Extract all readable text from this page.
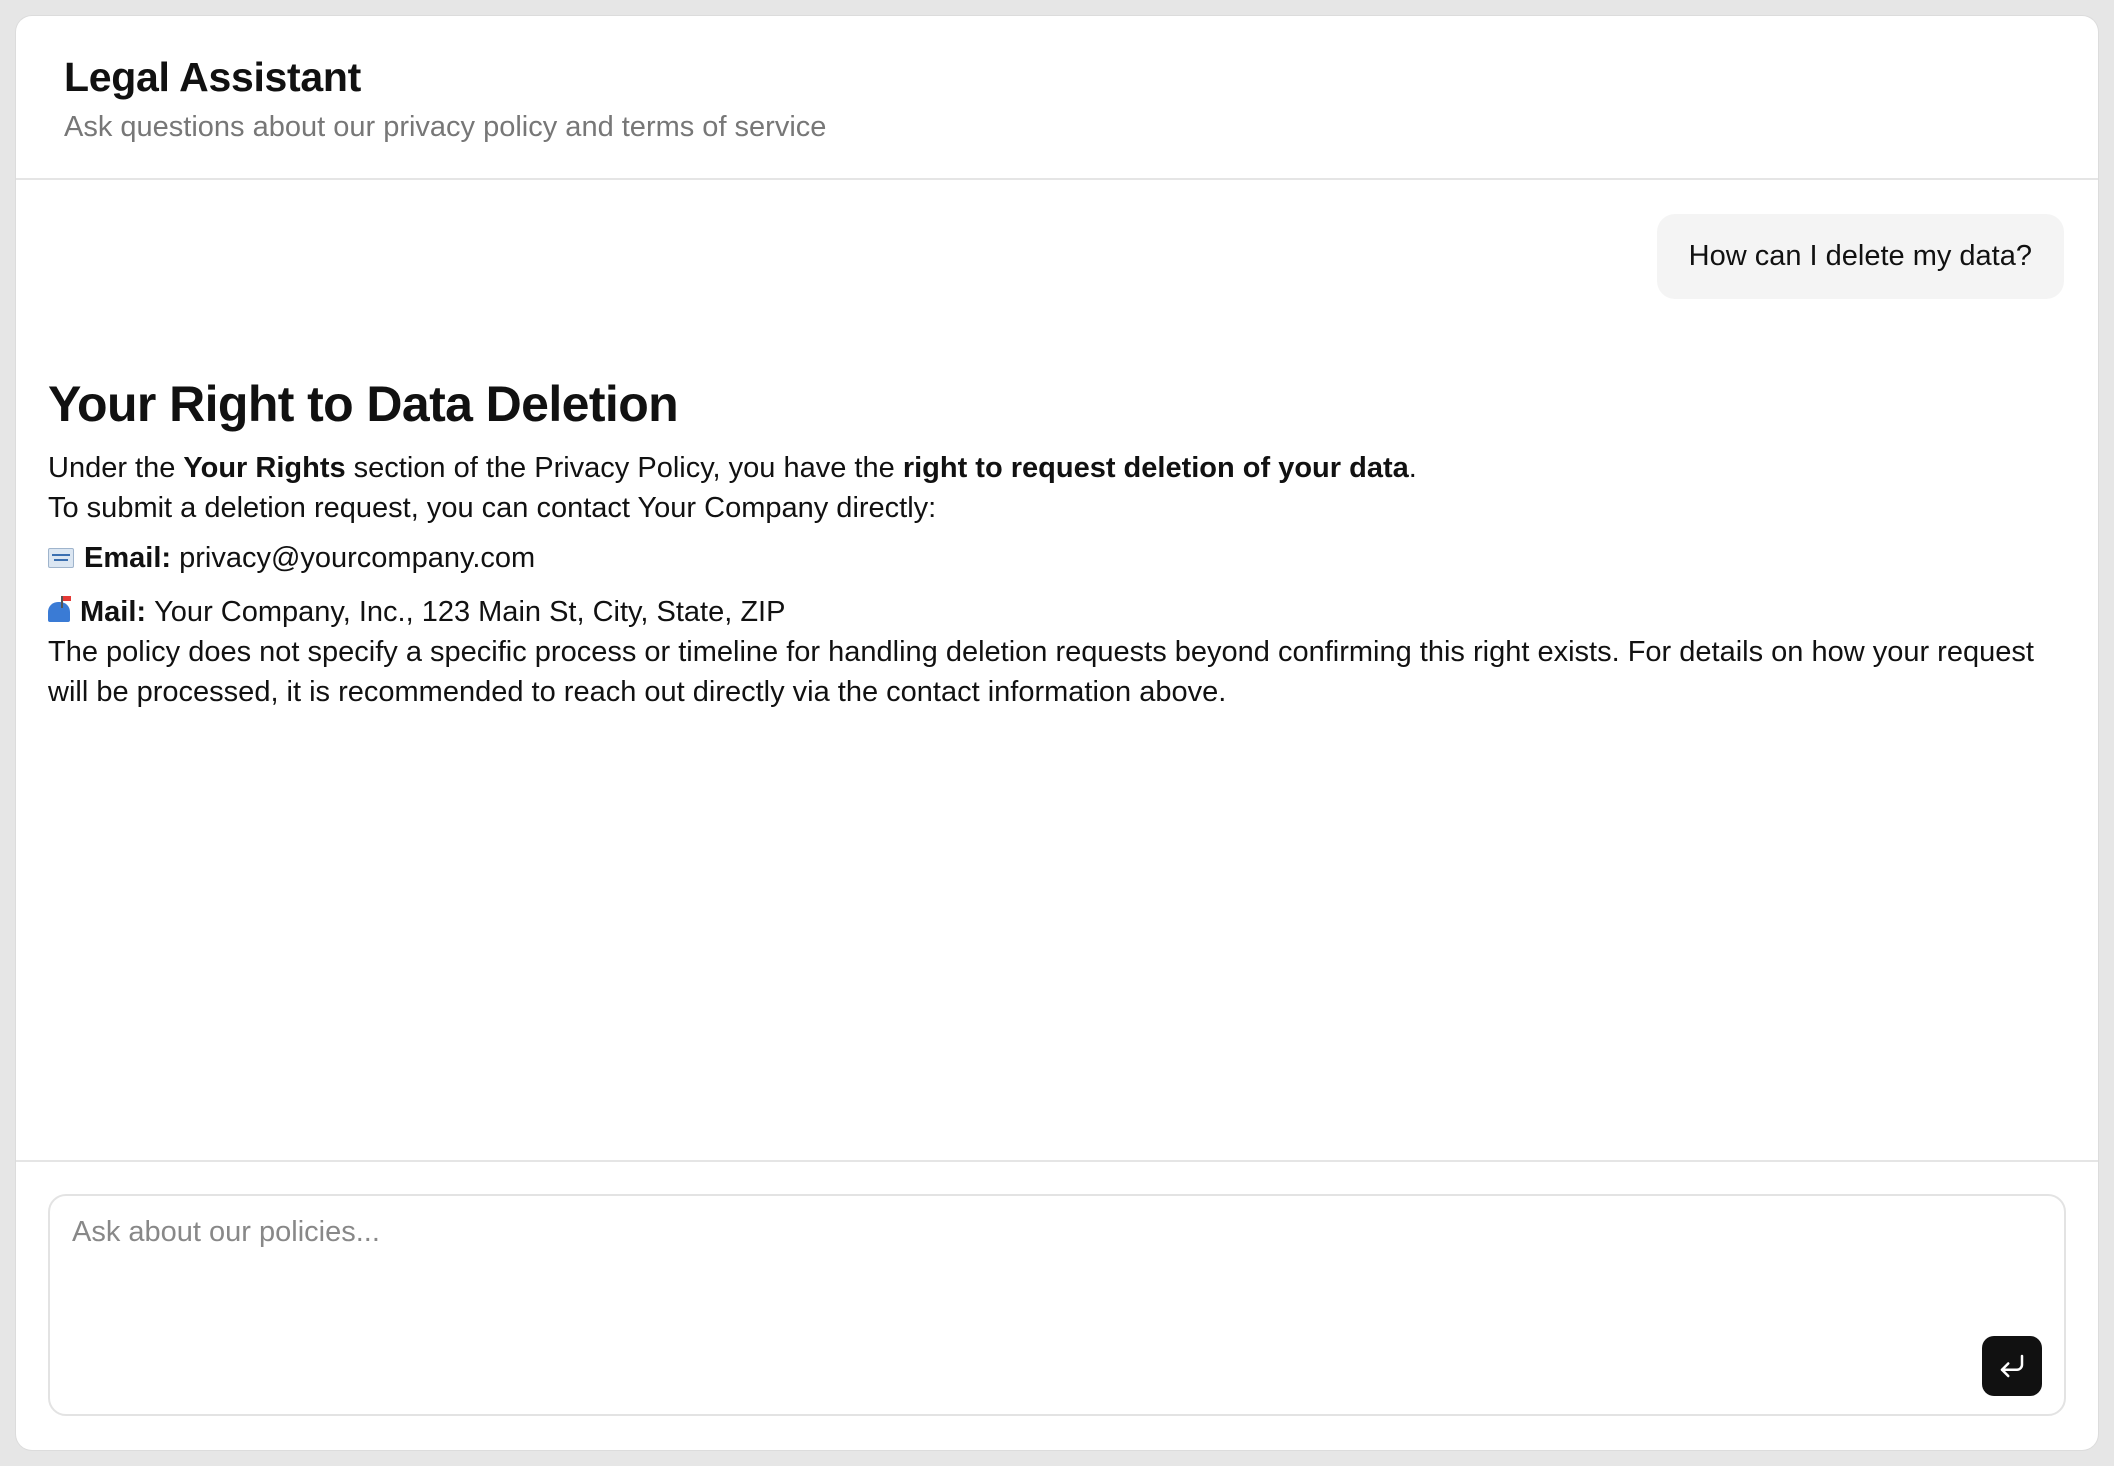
Legal Assistant
Ask questions about our privacy policy and terms of service
How can I delete my data?
Your Right to Data Deletion

Under the Your Rights section of the Privacy Policy, you have the right to request deletion of your data.

To submit a deletion request, you can contact Your Company directly:

Email:
privacy@yourcompany.com
Mail:
Your Company, Inc., 123 Main St, City, State, ZIP

The policy does not specify a specific process or timeline for handling deletion requests beyond confirming this right exists. For details on how your request will be processed, it is recommended to reach out directly via the contact information above.

Ask about our policies...
